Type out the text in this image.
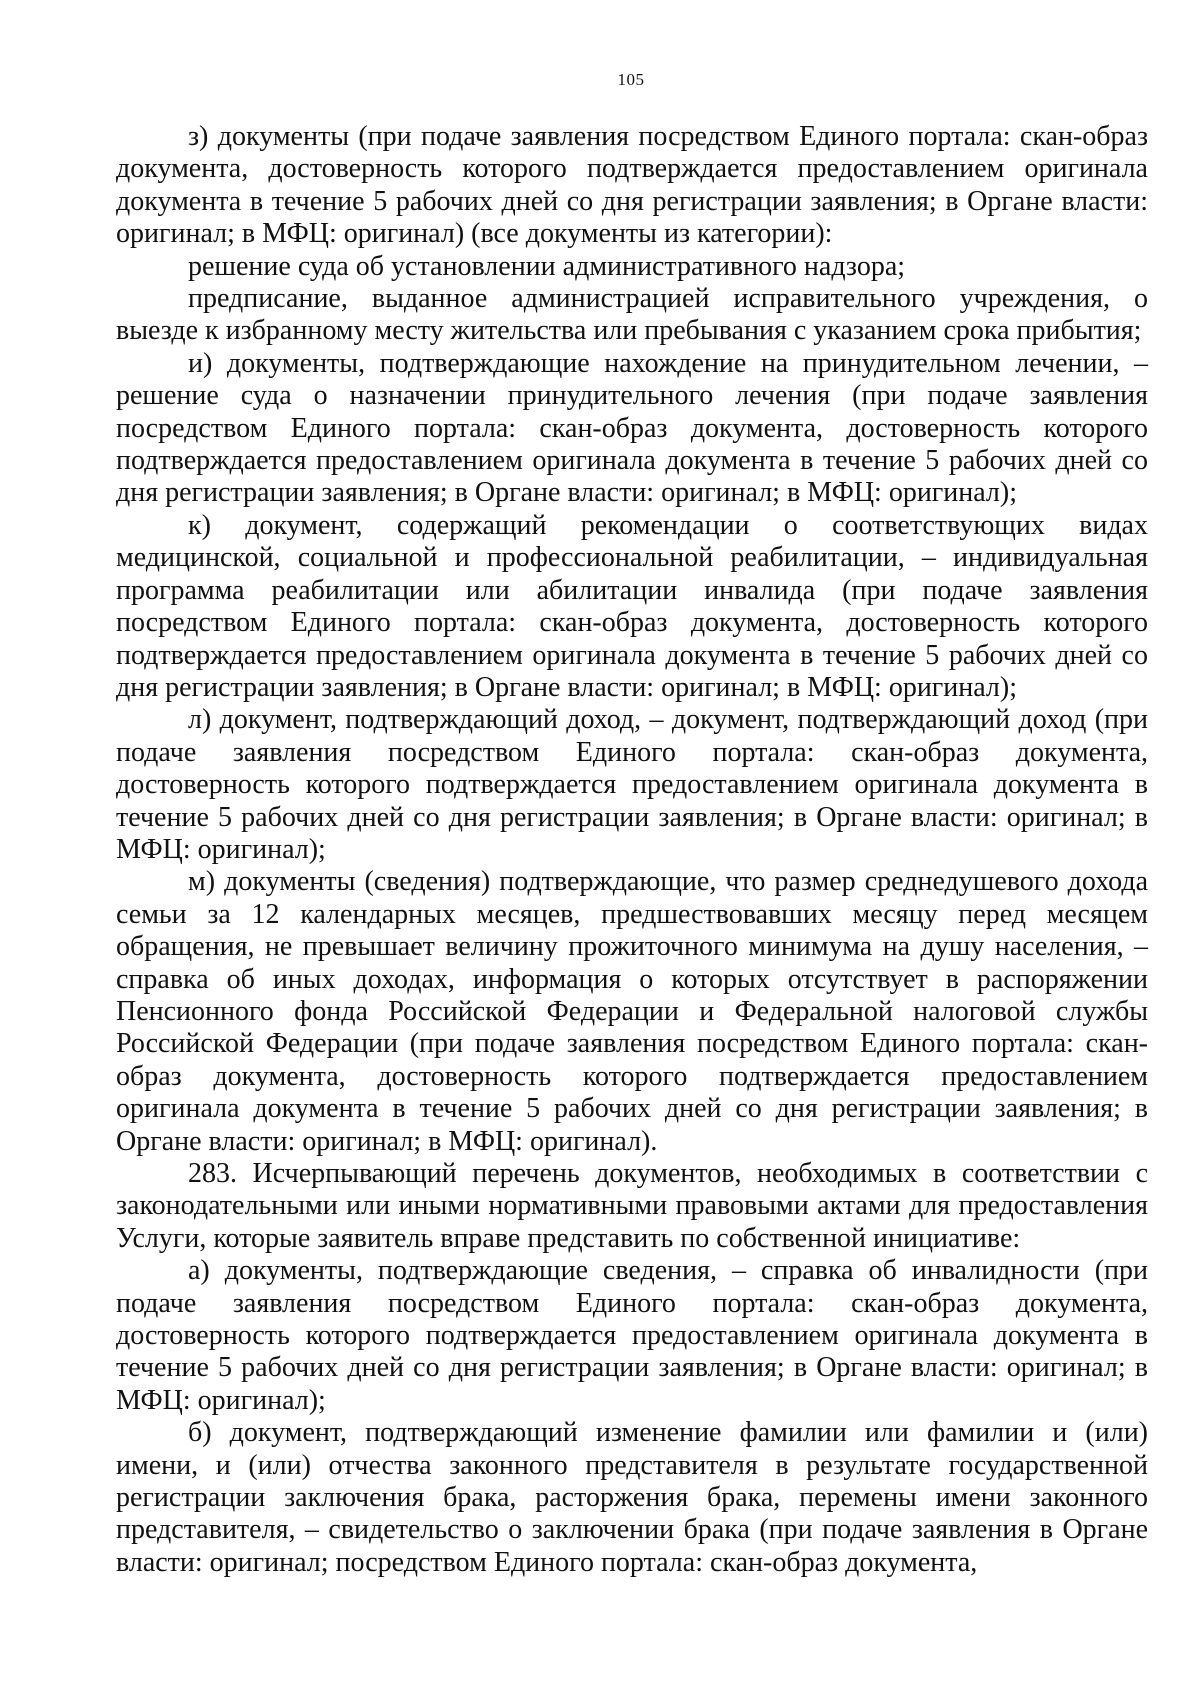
105

з) документы (при подаче заявления посредством Единого портала: скан-образ документа, достоверность которого подтверждается предоставлением оригинала документа в течение 5 рабочих дней со дня регистрации заявления; в Органе власти: оригинал; в МФЦ: оригинал) (все документы из категории):

решение суда об установлении административного надзора;

предписание, выданное администрацией исправительного учреждения, о выезде к избранному месту жительства или пребывания с указанием срока прибытия;

и) документы, подтверждающие нахождение на принудительном лечении, – решение суда о назначении принудительного лечения (при подаче заявления посредством Единого портала: скан-образ документа, достоверность которого подтверждается предоставлением оригинала документа в течение 5 рабочих дней со дня регистрации заявления; в Органе власти: оригинал; в МФЦ: оригинал);

к) документ, содержащий рекомендации о соответствующих видах медицинской, социальной и профессиональной реабилитации, – индивидуальная программа реабилитации или абилитации инвалида (при подаче заявления посредством Единого портала: скан-образ документа, достоверность которого подтверждается предоставлением оригинала документа в течение 5 рабочих дней со дня регистрации заявления; в Органе власти: оригинал; в МФЦ: оригинал);

л) документ, подтверждающий доход, – документ, подтверждающий доход (при подаче заявления посредством Единого портала: скан-образ документа, достоверность которого подтверждается предоставлением оригинала документа в течение 5 рабочих дней со дня регистрации заявления; в Органе власти: оригинал; в МФЦ: оригинал);

м) документы (сведения) подтверждающие, что размер среднедушевого дохода семьи за 12 календарных месяцев, предшествовавших месяцу перед месяцем обращения, не превышает величину прожиточного минимума на душу населения, – справка об иных доходах, информация о которых отсутствует в распоряжении Пенсионного фонда Российской Федерации и Федеральной налоговой службы Российской Федерации (при подаче заявления посредством Единого портала: скан-образ документа, достоверность которого подтверждается предоставлением оригинала документа в течение 5 рабочих дней со дня регистрации заявления; в Органе власти: оригинал; в МФЦ: оригинал).

283. Исчерпывающий перечень документов, необходимых в соответствии с законодательными или иными нормативными правовыми актами для предоставления Услуги, которые заявитель вправе представить по собственной инициативе:

а) документы, подтверждающие сведения, – справка об инвалидности (при подаче заявления посредством Единого портала: скан-образ документа, достоверность которого подтверждается предоставлением оригинала документа в течение 5 рабочих дней со дня регистрации заявления; в Органе власти: оригинал; в МФЦ: оригинал);

б) документ, подтверждающий изменение фамилии или фамилии и (или) имени, и (или) отчества законного представителя в результате государственной регистрации заключения брака, расторжения брака, перемены имени законного представителя, – свидетельство о заключении брака (при подаче заявления в Органе власти: оригинал; посредством Единого портала: скан-образ документа,
